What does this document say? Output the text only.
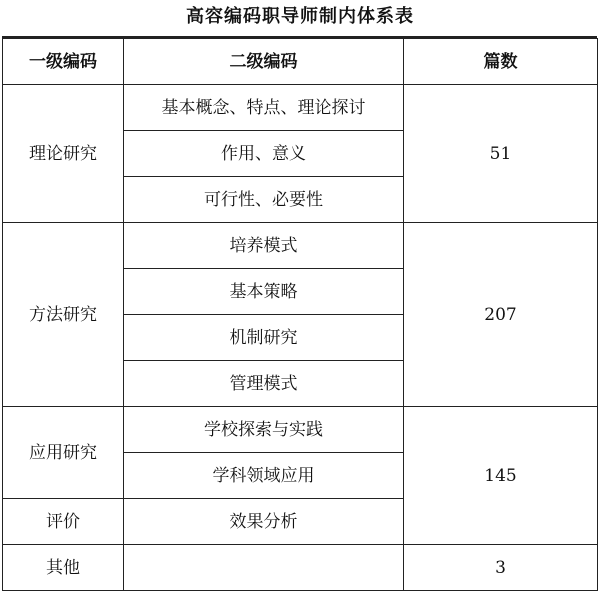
高容编码职导师制内体系表
一级编码	二级编码	篇数
理论研究	基本概念、特点、理论探讨	51
	作用、意义	
	可行性、必要性	
方法研究	培养模式	207
	基本策略	
	机制研究	
	管理模式	
应用研究	学校探索与实践	145
	学科领域应用	
评价	效果分析	
其他		3
